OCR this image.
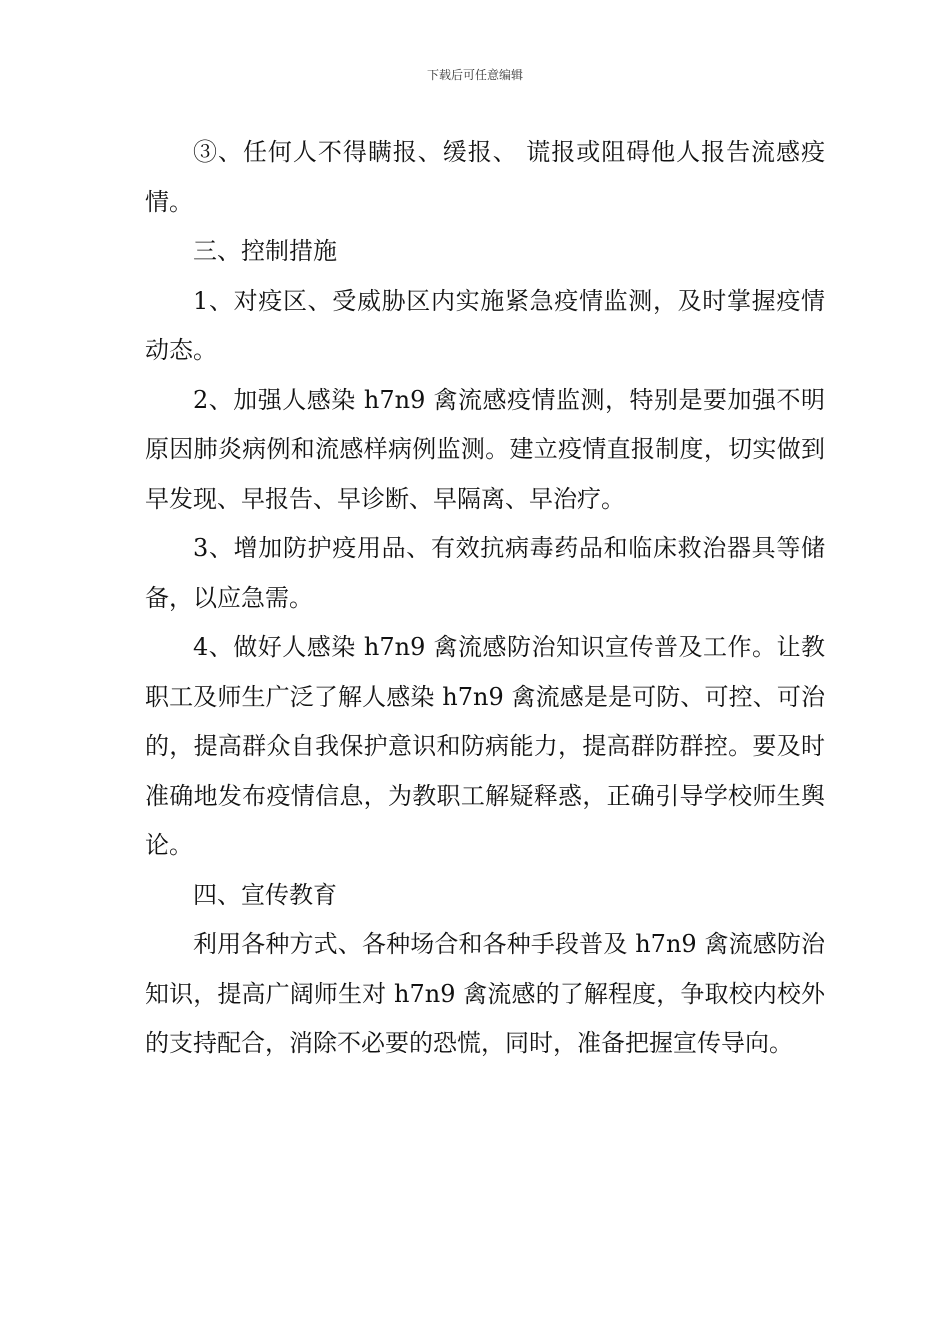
下载后可任意编辑

③、任何人不得瞒报、缓报、 谎报或阻碍他人报告流感疫情。

三、控制措施

1、对疫区、受威胁区内实施紧急疫情监测，及时掌握疫情动态。

2、加强人感染 h7n9 禽流感疫情监测，特别是要加强不明原因肺炎病例和流感样病例监测。建立疫情直报制度，切实做到早发现、早报告、早诊断、早隔离、早治疗。

3、增加防护疫用品、有效抗病毒药品和临床救治器具等储备，以应急需。

4、做好人感染 h7n9 禽流感防治知识宣传普及工作。让教职工及师生广泛了解人感染 h7n9 禽流感是是可防、可控、可治的，提高群众自我保护意识和防病能力，提高群防群控。要及时准确地发布疫情信息，为教职工解疑释惑，正确引导学校师生舆论。

四、宣传教育

利用各种方式、各种场合和各种手段普及 h7n9 禽流感防治知识，提高广阔师生对 h7n9 禽流感的了解程度，争取校内校外的支持配合，消除不必要的恐慌，同时，准备把握宣传导向。
